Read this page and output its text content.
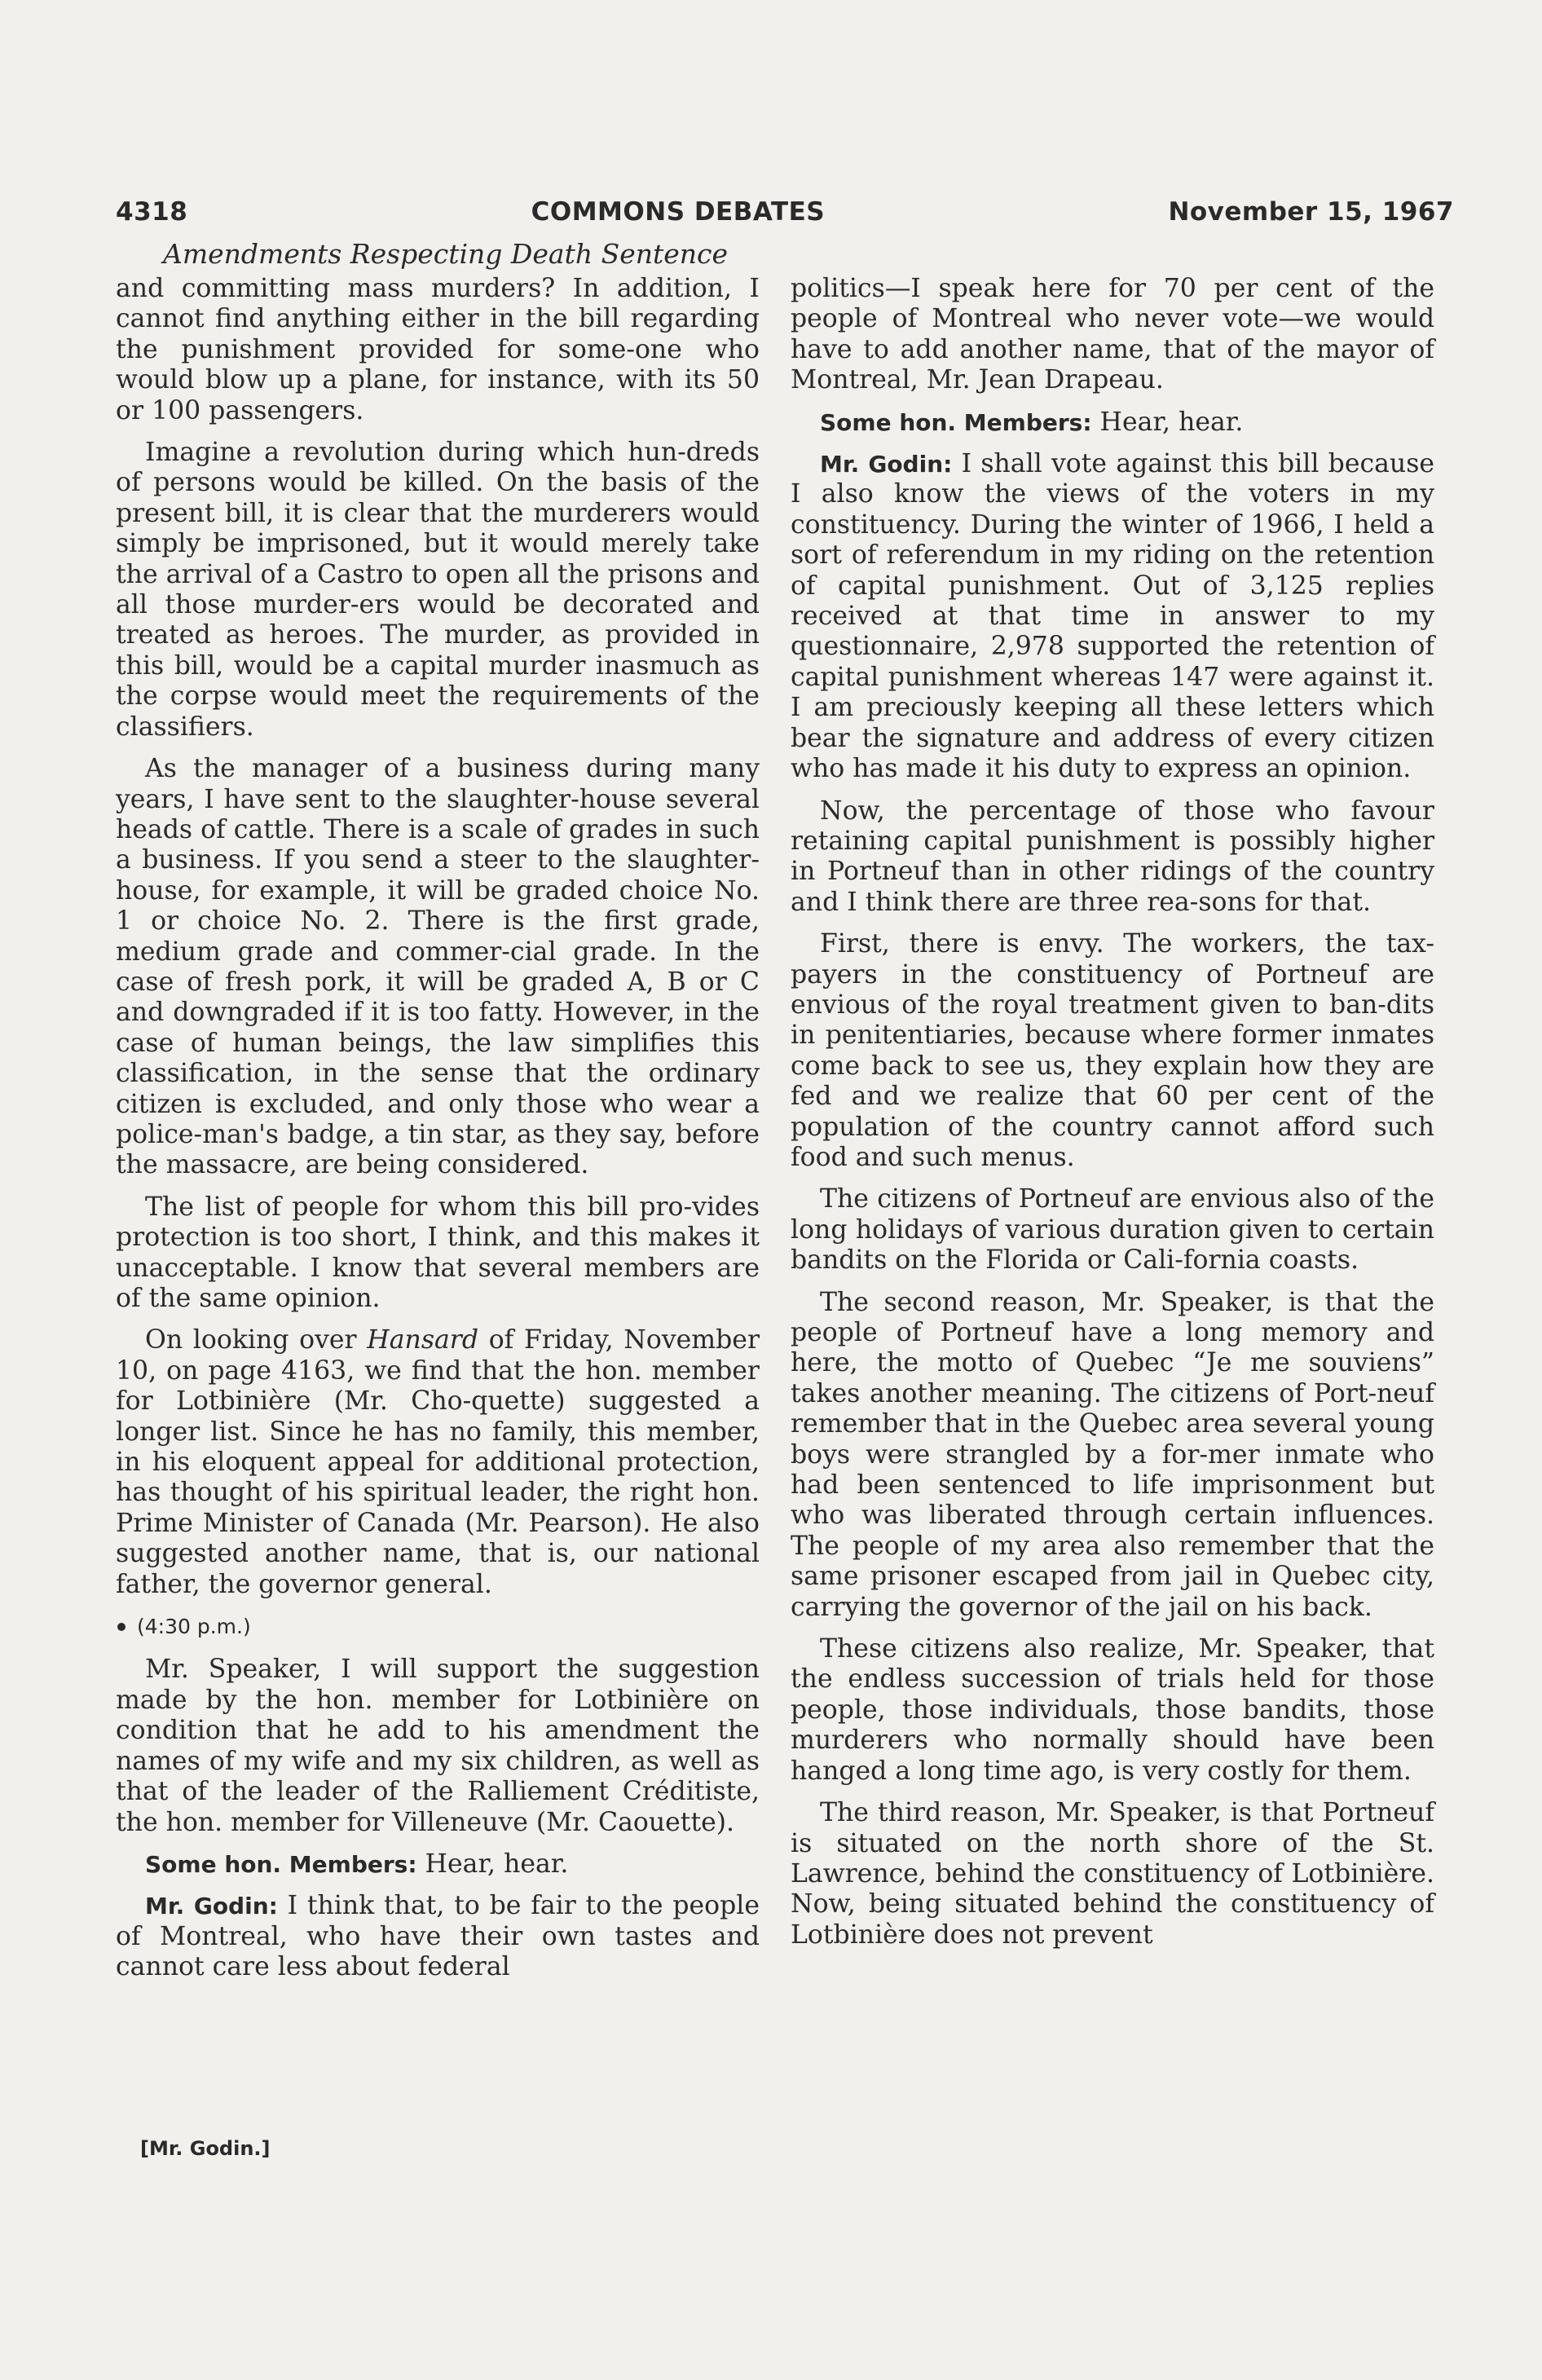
4318	COMMONS DEBATES	November 15, 1967
Amendments Respecting Death Sentence

and committing mass murders? In addition, I cannot find anything either in the bill regarding the punishment provided for some-one who would blow up a plane, for instance, with its 50 or 100 passengers.

Imagine a revolution during which hun-dreds of persons would be killed. On the basis of the present bill, it is clear that the murderers would simply be imprisoned, but it would merely take the arrival of a Castro to open all the prisons and all those murder-ers would be decorated and treated as heroes. The murder, as provided in this bill, would be a capital murder inasmuch as the corpse would meet the requirements of the classifiers.

As the manager of a business during many years, I have sent to the slaughter-house several heads of cattle. There is a scale of grades in such a business. If you send a steer to the slaughter-house, for example, it will be graded choice No. 1 or choice No. 2. There is the first grade, medium grade and commer-cial grade. In the case of fresh pork, it will be graded A, B or C and downgraded if it is too fatty. However, in the case of human beings, the law simplifies this classification, in the sense that the ordinary citizen is excluded, and only those who wear a police-man's badge, a tin star, as they say, before the massacre, are being considered.

The list of people for whom this bill pro-vides protection is too short, I think, and this makes it unacceptable. I know that several members are of the same opinion.

On looking over Hansard of Friday, November 10, on page 4163, we find that the hon. member for Lotbinière (Mr. Cho-quette) suggested a longer list. Since he has no family, this member, in his eloquent appeal for additional protection, has thought of his spiritual leader, the right hon. Prime Minister of Canada (Mr. Pearson). He also suggested another name, that is, our national father, the governor general.

(4:30 p.m.)

Mr. Speaker, I will support the suggestion made by the hon. member for Lotbinière on condition that he add to his amendment the names of my wife and my six children, as well as that of the leader of the Ralliement Créditiste, the hon. member for Villeneuve (Mr. Caouette).

Some hon. Members: Hear, hear.

Mr. Godin: I think that, to be fair to the people of Montreal, who have their own tastes and cannot care less about federal

politics—I speak here for 70 per cent of the people of Montreal who never vote—we would have to add another name, that of the mayor of Montreal, Mr. Jean Drapeau.

Some hon. Members: Hear, hear.

Mr. Godin: I shall vote against this bill because I also know the views of the voters in my constituency. During the winter of 1966, I held a sort of referendum in my riding on the retention of capital punishment. Out of 3,125 replies received at that time in answer to my questionnaire, 2,978 supported the retention of capital punishment whereas 147 were against it. I am preciously keeping all these letters which bear the signature and address of every citizen who has made it his duty to express an opinion.

Now, the percentage of those who favour retaining capital punishment is possibly higher in Portneuf than in other ridings of the country and I think there are three rea-sons for that.

First, there is envy. The workers, the tax-payers in the constituency of Portneuf are envious of the royal treatment given to ban-dits in penitentiaries, because where former inmates come back to see us, they explain how they are fed and we realize that 60 per cent of the population of the country cannot afford such food and such menus.

The citizens of Portneuf are envious also of the long holidays of various duration given to certain bandits on the Florida or Cali-fornia coasts.

The second reason, Mr. Speaker, is that the people of Portneuf have a long memory and here, the motto of Quebec “Je me souviens” takes another meaning. The citizens of Port-neuf remember that in the Quebec area several young boys were strangled by a for-mer inmate who had been sentenced to life imprisonment but who was liberated through certain influences. The people of my area also remember that the same prisoner escaped from jail in Quebec city, carrying the governor of the jail on his back.

These citizens also realize, Mr. Speaker, that the endless succession of trials held for those people, those individuals, those bandits, those murderers who normally should have been hanged a long time ago, is very costly for them.

The third reason, Mr. Speaker, is that Portneuf is situated on the north shore of the St. Lawrence, behind the constituency of Lotbinière. Now, being situated behind the constituency of Lotbinière does not prevent

[Mr. Godin.]
